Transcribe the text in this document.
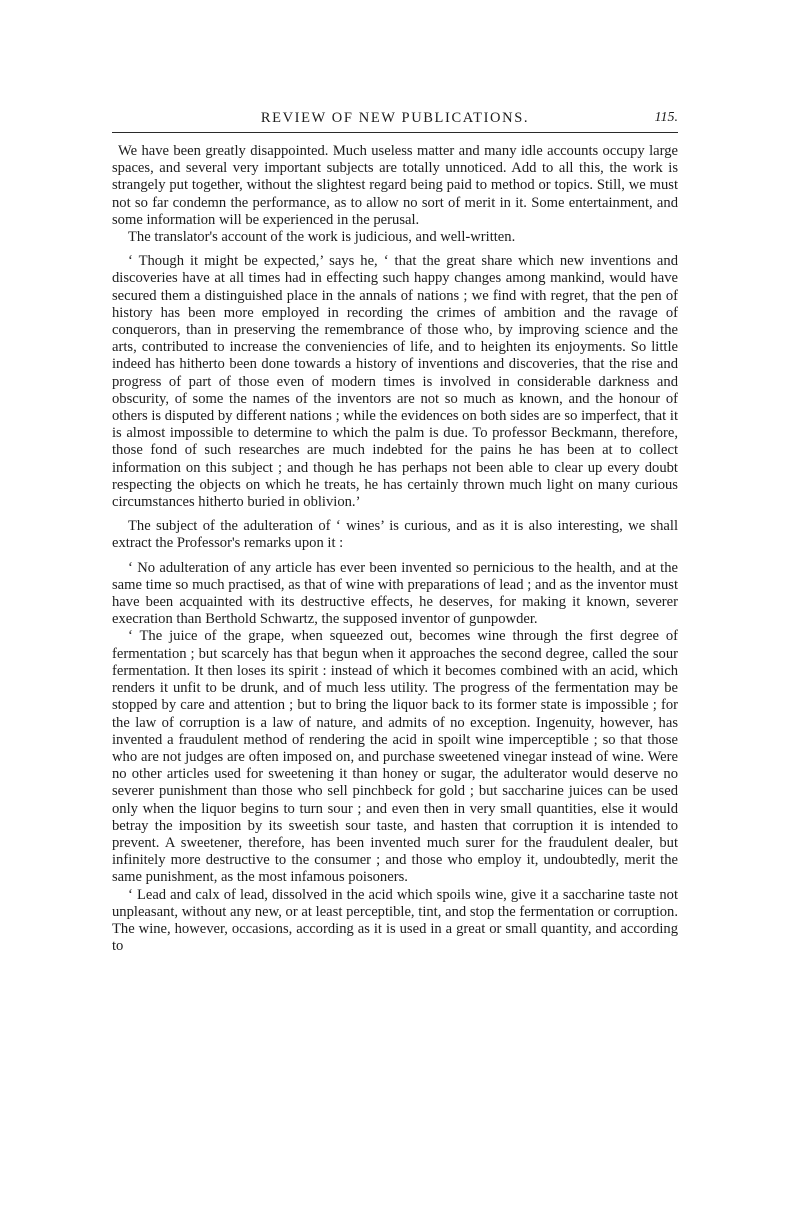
REVIEW OF NEW PUBLICATIONS.	115.

We have been greatly disappointed. Much useless matter and many idle accounts occupy large spaces, and several very important subjects are totally unnoticed. Add to all this, the work is strangely put together, without the slightest regard being paid to method or topics. Still, we must not so far condemn the performance, as to allow no sort of merit in it. Some entertainment, and some information will be experienced in the perusal.

The translator's account of the work is judicious, and well-written.

‘ Though it might be expected,’ says he, ‘ that the great share which new inventions and discoveries have at all times had in effecting such happy changes among mankind, would have secured them a distinguished place in the annals of nations ; we find with regret, that the pen of history has been more employed in recording the crimes of ambition and the ravage of conquerors, than in preserving the remembrance of those who, by improving science and the arts, contributed to increase the conveniencies of life, and to heighten its enjoyments. So little indeed has hitherto been done towards a history of inventions and discoveries, that the rise and progress of part of those even of modern times is involved in considerable darkness and obscurity, of some the names of the inventors are not so much as known, and the honour of others is disputed by different nations ; while the evidences on both sides are so imperfect, that it is almost impossible to determine to which the palm is due. To professor Beckmann, therefore, those fond of such researches are much indebted for the pains he has been at to collect information on this subject ; and though he has perhaps not been able to clear up every doubt respecting the objects on which he treats, he has certainly thrown much light on many curious circumstances hitherto buried in oblivion.’

The subject of the adulteration of ‘ wines’ is curious, and as it is also interesting, we shall extract the Professor's remarks upon it :

‘ No adulteration of any article has ever been invented so pernicious to the health, and at the same time so much practised, as that of wine with preparations of lead ; and as the inventor must have been acquainted with its destructive effects, he deserves, for making it known, severer execration than Berthold Schwartz, the supposed inventor of gunpowder.

‘ The juice of the grape, when squeezed out, becomes wine through the first degree of fermentation ; but scarcely has that begun when it approaches the second degree, called the sour fermentation. It then loses its spirit : instead of which it becomes combined with an acid, which renders it unfit to be drunk, and of much less utility. The progress of the fermentation may be stopped by care and attention ; but to bring the liquor back to its former state is impossible ; for the law of corruption is a law of nature, and admits of no exception. Ingenuity, however, has invented a fraudulent method of rendering the acid in spoilt wine imperceptible ; so that those who are not judges are often imposed on, and purchase sweetened vinegar instead of wine. Were no other articles used for sweetening it than honey or sugar, the adulterator would deserve no severer punishment than those who sell pinchbeck for gold ; but saccharine juices can be used only when the liquor begins to turn sour ; and even then in very small quantities, else it would betray the imposition by its sweetish sour taste, and hasten that corruption it is intended to prevent. A sweetener, therefore, has been invented much surer for the fraudulent dealer, but infinitely more destructive to the consumer ; and those who employ it, undoubtedly, merit the same punishment, as the most infamous poisoners.

‘ Lead and calx of lead, dissolved in the acid which spoils wine, give it a saccharine taste not unpleasant, without any new, or at least perceptible, tint, and stop the fermentation or corruption. The wine, however, occasions, according as it is used in a great or small quantity, and according to
